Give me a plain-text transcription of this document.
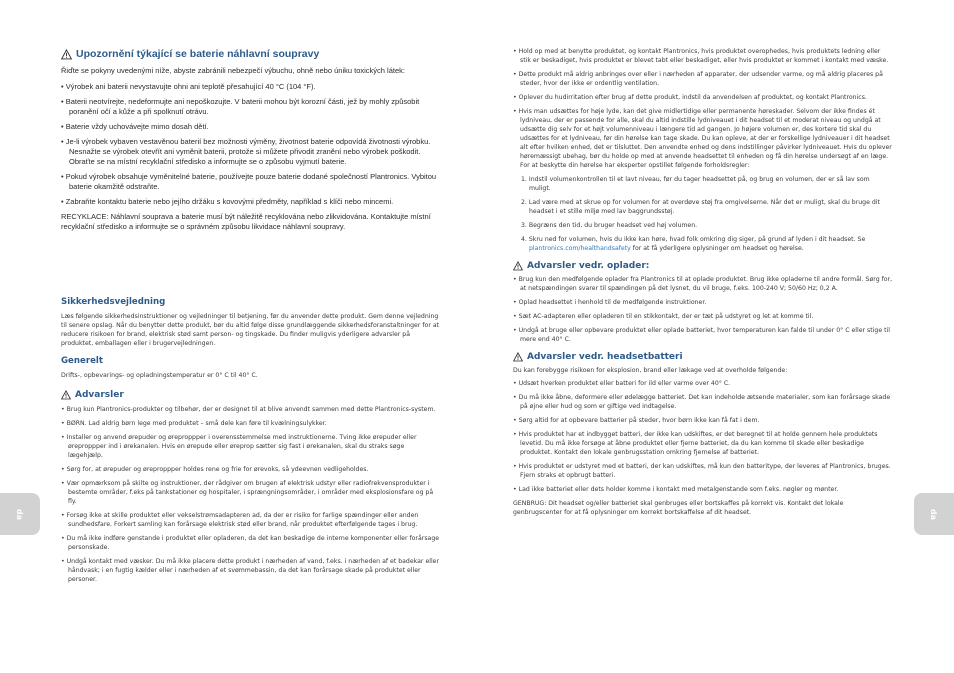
Upozornění týkající se baterie náhlavní soupravy

Řiďte se pokyny uvedenými níže, abyste zabránili nebezpečí výbuchu, ohně nebo úniku toxických látek:

• Výrobek ani baterii nevystavujte ohni ani teplotě přesahující 40 °C (104 °F).
• Baterii neotvírejte, nedeformujte ani nepoškozujte. V baterii mohou být korozní části, jež by mohly způsobit poranění očí a kůže a při spolknutí otrávu.
• Baterie vždy uchovávejte mimo dosah dětí.
• Je-li výrobek vybaven vestavěnou baterií bez možnosti výměny, životnost baterie odpovídá životnosti výrobku. Nesnažte se výrobek otevřít ani vyměnit baterii, protože si můžete přivodit zranění nebo výrobek poškodit. Obraťte se na místní recyklační středisko a informujte se o způsobu vyjmutí baterie.
• Pokud výrobek obsahuje vyměnitelné baterie, používejte pouze baterie dodané společností Plantronics. Vybitou baterie okamžitě odstraňte.
• Zabraňte kontaktu baterie nebo jejího držáku s kovovými předměty, například s klíči nebo mincemi.

RECYKLACE: Náhlavní souprava a baterie musí být náležitě recyklována nebo zlikvidována. Kontaktujte místní recyklační středisko a informujte se o správném způsobu likvidace náhlavní soupravy.

Sikkerhedsvejledning

Læs følgende sikkerhedsinstruktioner og vejledninger til betjening, før du anvender dette produkt. Gem denne vejledning til senere opslag. Når du benytter dette produkt, bør du altid følge disse grundlæggende sikkerhedsforanstaltninger for at reducere risikoen for brand, elektrisk stød samt person- og tingskade. Du finder muligvis yderligere advarsler på produktet, emballagen eller i brugervejledningen.

Generelt

Drifts-, opbevarings- og opladningstemperatur er 0° C til 40° C.

Advarsler
• Brug kun Plantronics-produkter og tilbehør, der er designet til at blive anvendt sammen med dette Plantronics-system.
• BØRN. Lad aldrig børn lege med produktet – små dele kan føre til kvælningsulykker.
• Installer og anvend ørepuder og øreproppper i overensstemmelse med instruktionerne. Tving ikke ørepuder eller øreproppper ind i ørekanalen. Hvis en ørepude eller øreprop sætter sig fast i ørekanalen, skal du straks søge lægehjælp.
• Sørg for, at ørepuder og øreproppper holdes rene og frie for ørevoks, så ydeevnen vedligeholdes.
• Vær opmærksom på skilte og instruktioner, der rådgiver om brugen af elektrisk udstyr eller radiofrekvensprodukter i bestemte områder, f.eks på tankstationer og hospitaler, i sprængningsområder, i områder med eksplosionsfare og på fly.
• Forsøg ikke at skille produktet eller vekselstrømsadapteren ad, da der er risiko for farlige spændinger eller anden sundhedsfare. Forkert samling kan forårsage elektrisk stød eller brand, når produktet efterfølgende tages i brug.
• Du må ikke indføre genstande i produktet eller opladeren, da det kan beskadige de interne komponenter eller forårsage personskade.
• Undgå kontakt med væsker. Du må ikke placere dette produkt i nærheden af vand, f.eks. i nærheden af et badekar eller håndvask; i en fugtig kælder eller i nærheden af et svømmebassin, da det kan forårsage skade på produktet eller personer.
da
• Hold op med at benytte produktet, og kontakt Plantronics, hvis produktet overophedes, hvis produktets ledning eller stik er beskadiget, hvis produktet er blevet tabt eller beskadiget, eller hvis produktet er kommet i kontakt med væske.
• Dette produkt må aldrig anbringes over eller i nærheden af apparater, der udsender varme, og må aldrig placeres på steder, hvor der ikke er ordentlig ventilation.
• Oplever du hudirritation efter brug af dette produkt, indstil da anvendelsen af produktet, og kontakt Plantronics.
• Hvis man udsættes for høje lyde, kan det give midlertidige eller permanente høreskader. Selvom der ikke findes ét lydniveau, der er passende for alle, skal du altid indstille lydniveauet i dit headset til et moderat niveau og undgå at udsætte dig selv for et højt volumenniveau i længere tid ad gangen. Jo højere volumen er, des kortere tid skal du udsættes for et lydniveau, før din hørelse kan tage skade. Du kan opleve, at der er forskellige lydniveauer i dit headset alt efter hvilken enhed, det er tilsluttet. Den anvendte enhed og dens indstillinger påvirker lydniveauet. Hvis du oplever høremæssigt ubehag, bør du holde op med at anvende headsettet til enheden og få din hørelse undersøgt af en læge. For at beskytte din hørelse har eksperter opstillet følgende forholdsregler:
1. Indstil volumenkontrollen til et lavt niveau, før du tager headsettet på, og brug en volumen, der er så lav som muligt.
2. Lad være med at skrue op for volumen for at overdøve støj fra omgivelserne. Når det er muligt, skal du bruge dit headset i et stille miljø med lav baggrundsstøj.
3. Begræns den tid, du bruger headset ved høj volumen.
4. Skru ned for volumen, hvis du ikke kan høre, hvad folk omkring dig siger, på grund af lyden i dit headset. Se
plantronics.com/healthandsafety for at få yderligere oplysninger om headset og hørelse.
Advarsler vedr. oplader:
• Brug kun den medfølgende oplader fra Plantronics til at oplade produktet. Brug ikke opladerne til andre formål. Sørg for, at netspændingen svarer til spændingen på det lysnet, du vil bruge, f.eks. 100-240 V; 50/60 Hz; 0,2 A.
• Oplad headsettet i henhold til de medfølgende instruktioner.
• Sæt AC-adapteren eller opladeren til en stikkontakt, der er tæt på udstyret og let at komme til.
• Undgå at bruge eller opbevare produktet eller oplade batteriet, hvor temperaturen kan falde til under 0° C eller stige til mere end 40° C.
Advarsler vedr. headsetbatteri

Du kan forebygge risikoen for eksplosion, brand eller lækage ved at overholde følgende:

• Udsæt hverken produktet eller batteri for ild eller varme over 40° C.
• Du må ikke åbne, deformere eller ødelægge batteriet. Det kan indeholde ætsende materialer, som kan forårsage skade på øjne eller hud og som er giftige ved indtagelse.
• Sørg altid for at opbevare batterier på steder, hvor børn ikke kan få fat i dem.
• Hvis produktet har et indbygget batteri, der ikke kan udskiftes, er det beregnet til at holde gennem hele produktets levetid. Du må ikke forsøge at åbne produktet eller fjerne batteriet, da du kan komme til skade eller beskadige produktet. Kontakt den lokale genbrugsstation omkring fjernelse af batteriet.
• Hvis produktet er udstyret med et batteri, der kan udskiftes, må kun den batteritype, der leveres af Plantronics, bruges. Fjern straks et opbrugt batteri.
• Lad ikke batteriet eller dets holder komme i kontakt med metalgenstande som f.eks. nøgler og mønter.

GENBRUG: Dit headset og/eller batteriet skal genbruges eller bortskaffes på korrekt vis. Kontakt det lokale genbrugscenter for at få oplysninger om korrekt bortskaffelse af dit headset.	da
